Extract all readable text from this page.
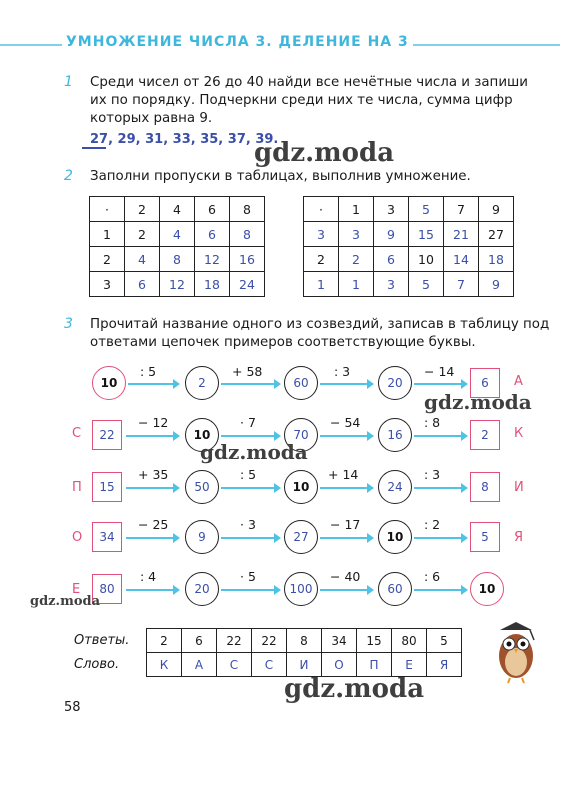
УМНОЖЕНИЕ ЧИСЛА 3. ДЕЛЕНИЕ НА 3
1 Среди чисел от 26 до 40 найди все нечётные числа и запиши
их по порядку. Подчеркни среди них те числа, сумма цифр
которых равна 9.
27, 29, 31, 33, 35, 37, 39.
gdz.moda
2 Заполни пропуски в таблицах, выполнив умножение.
·	2	4	6	8
1	2	4	6	8
2	4	8	12	16
3	6	12	18	24
·	1	3	5	7	9
3	3	9	15	21	27
2	2	6	10	14	18
1	1	3	5	7	9
3 Прочитай название одного из созвездий, записав в таблицу под
ответами цепочек примеров соответствующие буквы.
10
: 5
2
+ 58
60
: 3
20
− 14
6	А
С	22
− 12
10
· 7
70
− 54
16
: 8
2	К
П	15
+ 35
50
: 5
10
+ 14
24
: 3
8	И
О	34
− 25
9
· 3
27
− 17
10
: 2
5	Я
Е	80
: 4
20
· 5
100
− 40
60
: 6
10
gdz.moda
gdz.moda
gdz.moda
gdz.moda
Ответы.
Слово.
2	6	22	22	8	34	15	80	5
К	А	С	С	И	О	П	Е	Я
58
